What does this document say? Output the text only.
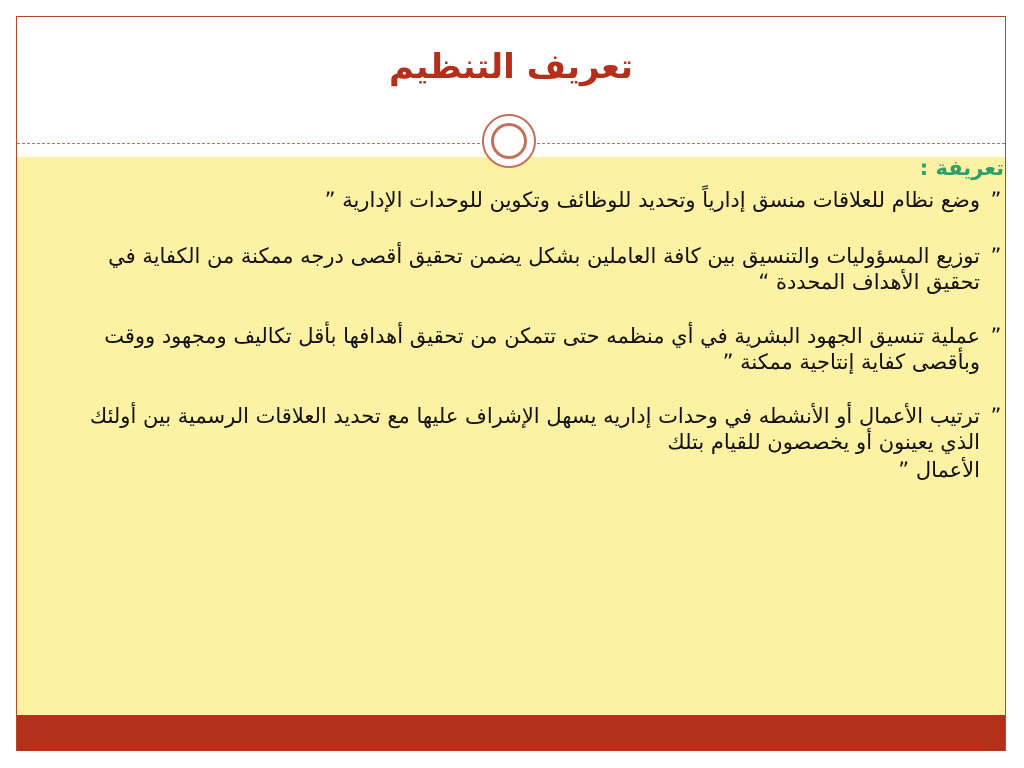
تعريف التنظيم
تعريفة :
”
وضع نظام للعلاقات منسق إدارياً وتحديد للوظائف وتكوين للوحدات الإدارية ”
”
توزيع المسؤوليات والتنسيق بين كافة العاملين بشكل يضمن تحقيق أقصى درجه ممكنة من الكفاية في تحقيق الأهداف المحددة “
”
عملية تنسيق الجهود البشرية في أي منظمه حتى تتمكن من تحقيق أهدافها بأقل تكاليف ومجهود ووقت وبأقصى كفاية إنتاجية ممكنة ”
”
ترتيب الأعمال أو الأنشطه في وحدات إداريه يسهل الإشراف عليها مع تحديد العلاقات الرسمية بين أولئك الذي يعينون أو يخصصون للقيام بتلك
الأعمال ”
